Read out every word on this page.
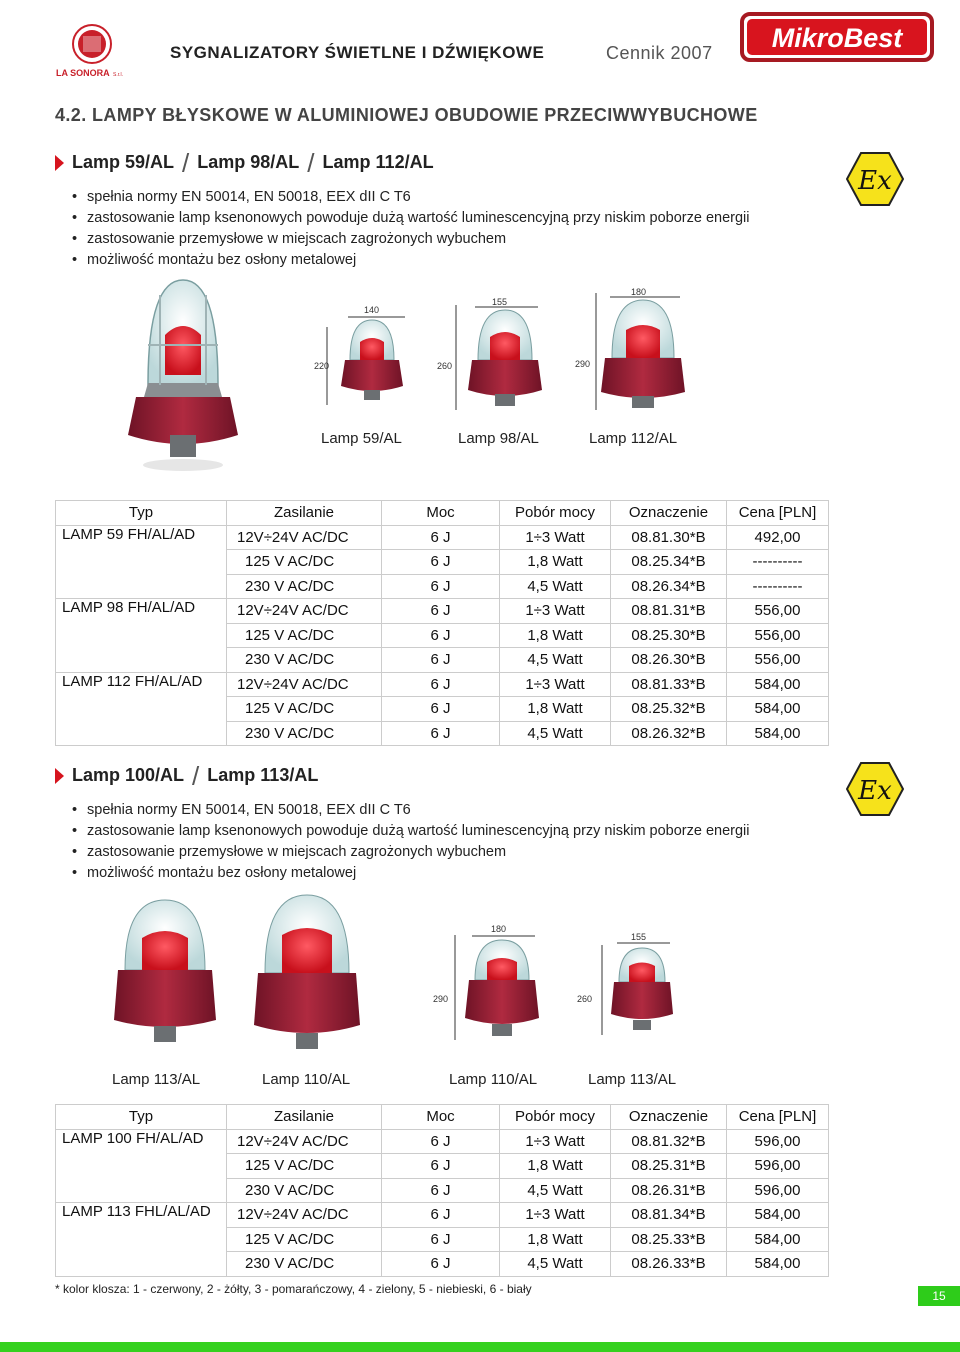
LA SONORA S.r.l.
SYGNALIZATORY ŚWIETLNE I DŹWIĘKOWE	Cennik 2007 MikroBest
4.2. LAMPY BŁYSKOWE W ALUMINIOWEJ OBUDOWIE PRZECIWWYBUCHOWE
Lamp 59/AL / Lamp 98/AL / Lamp 112/AL
Ex
• spełnia normy EN 50014, EN 50018, EEX dII C T6
• zastosowanie lamp ksenonowych powoduje dużą wartość luminescencyjną przy niskim poborze energii
• zastosowanie przemysłowe w miejscach zagrożonych wybuchem
• możliwość montażu bez osłony metalowej
140
220
155
260
180
290
Lamp 59/AL	Lamp 98/AL	Lamp 112/AL
Typ	Zasilanie	Moc	Pobór mocy	Oznaczenie	Cena [PLN]
LAMP 59 FH/AL/AD	12V÷24V AC/DC	6 J	1÷3 Watt	08.81.30*B	492,00
	125 V AC/DC	6 J	1,8 Watt	08.25.34*B	----------
	230 V AC/DC	6 J	4,5 Watt	08.26.34*B	----------
LAMP 98 FH/AL/AD	12V÷24V AC/DC	6 J	1÷3 Watt	08.81.31*B	556,00
	125 V AC/DC	6 J	1,8 Watt	08.25.30*B	556,00
	230 V AC/DC	6 J	4,5 Watt	08.26.30*B	556,00
LAMP 112 FH/AL/AD	12V÷24V AC/DC	6 J	1÷3 Watt	08.81.33*B	584,00
	125 V AC/DC	6 J	1,8 Watt	08.25.32*B	584,00
	230 V AC/DC	6 J	4,5 Watt	08.26.32*B	584,00
Lamp 100/AL / Lamp 113/AL
Ex
• spełnia normy EN 50014, EN 50018, EEX dII C T6
• zastosowanie lamp ksenonowych powoduje dużą wartość luminescencyjną przy niskim poborze energii
• zastosowanie przemysłowe w miejscach zagrożonych wybuchem
• możliwość montażu bez osłony metalowej
180
290
155
260
Lamp 113/AL	Lamp 110/AL	Lamp 110/AL	Lamp 113/AL
Typ	Zasilanie	Moc	Pobór mocy	Oznaczenie	Cena [PLN]
LAMP 100 FH/AL/AD	12V÷24V AC/DC	6 J	1÷3 Watt	08.81.32*B	596,00
	125 V AC/DC	6 J	1,8 Watt	08.25.31*B	596,00
	230 V AC/DC	6 J	4,5 Watt	08.26.31*B	596,00
LAMP 113 FHL/AL/AD	12V÷24V AC/DC	6 J	1÷3 Watt	08.81.34*B	584,00
	125 V AC/DC	6 J	1,8 Watt	08.25.33*B	584,00
	230 V AC/DC	6 J	4,5 Watt	08.26.33*B	584,00
* kolor klosza: 1 - czerwony, 2 - żółty, 3 - pomarańczowy, 4 - zielony, 5 - niebieski, 6 - biały	15
